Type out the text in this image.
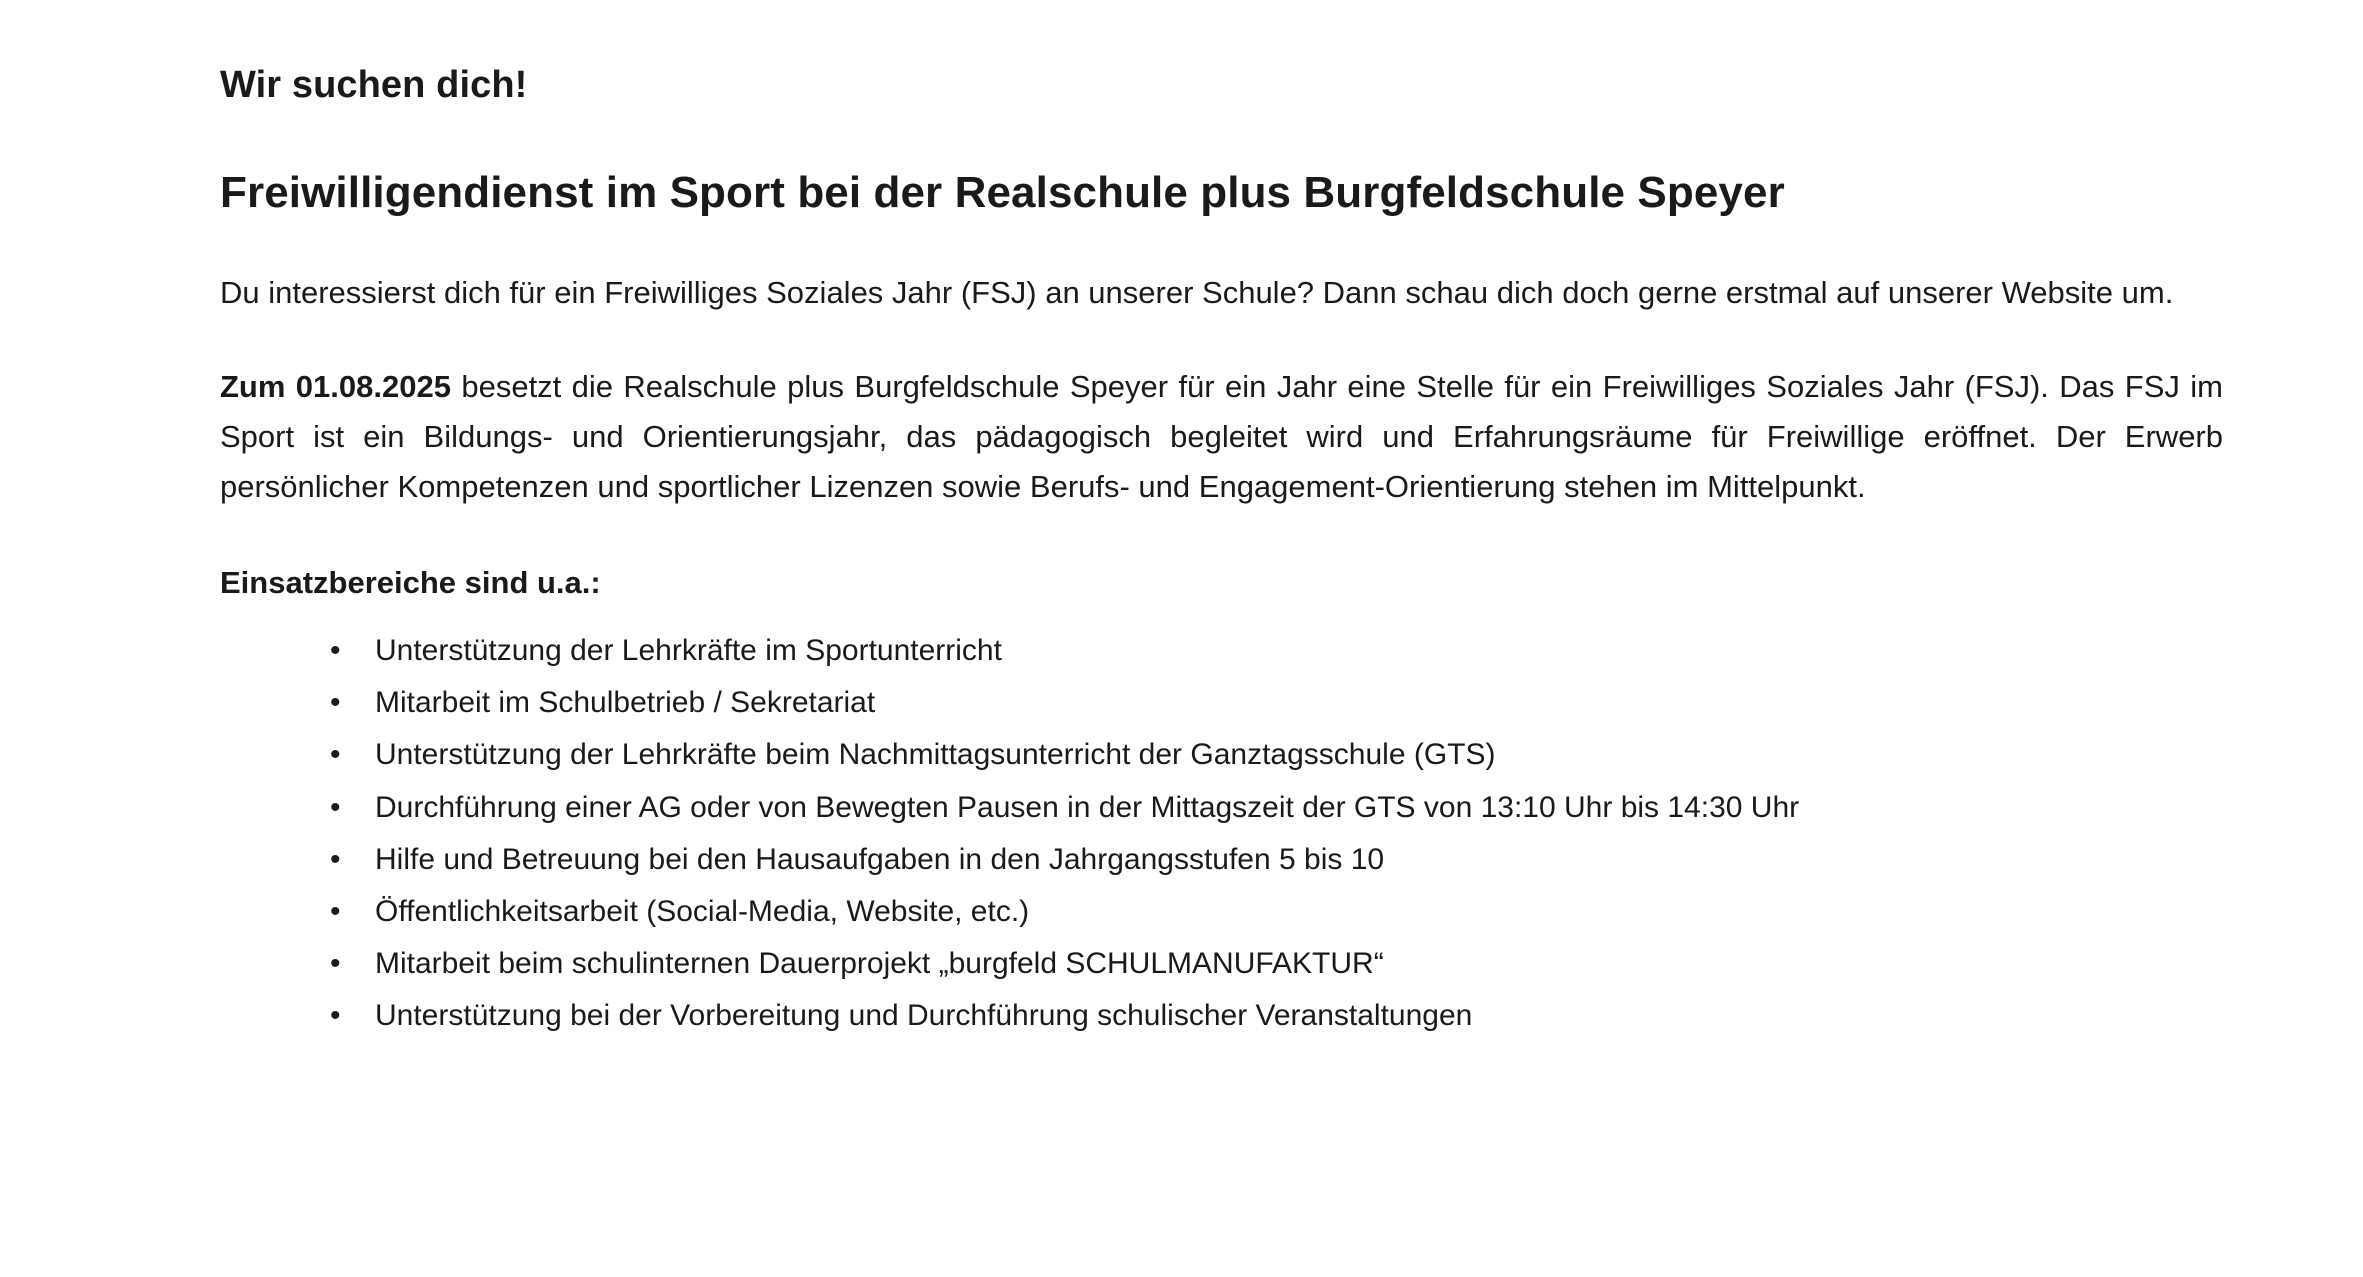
Wir suchen dich!
Freiwilligendienst im Sport bei der Realschule plus Burgfeldschule Speyer

Du interessierst dich für ein Freiwilliges Soziales Jahr (FSJ) an unserer Schule? Dann schau dich doch gerne erstmal auf unserer Website um.

Zum 01.08.2025 besetzt die Realschule plus Burgfeldschule Speyer für ein Jahr eine Stelle für ein Freiwilliges Soziales Jahr (FSJ). Das FSJ im Sport ist ein Bildungs- und Orientierungsjahr, das pädagogisch begleitet wird und Erfahrungsräume für Freiwillige eröffnet. Der Erwerb persönlicher Kompetenzen und sportlicher Lizenzen sowie Berufs- und Engagement-Orientierung stehen im Mittelpunkt.

Einsatzbereiche sind u.a.:

• Unterstützung der Lehrkräfte im Sportunterricht
• Mitarbeit im Schulbetrieb / Sekretariat
• Unterstützung der Lehrkräfte beim Nachmittagsunterricht der Ganztagsschule (GTS)
• Durchführung einer AG oder von Bewegten Pausen in der Mittagszeit der GTS von 13:10 Uhr bis 14:30 Uhr
• Hilfe und Betreuung bei den Hausaufgaben in den Jahrgangsstufen 5 bis 10
• Öffentlichkeitsarbeit (Social-Media, Website, etc.)
• Mitarbeit beim schulinternen Dauerprojekt „burgfeld SCHULMANUFAKTUR“
• Unterstützung bei der Vorbereitung und Durchführung schulischer Veranstaltungen
